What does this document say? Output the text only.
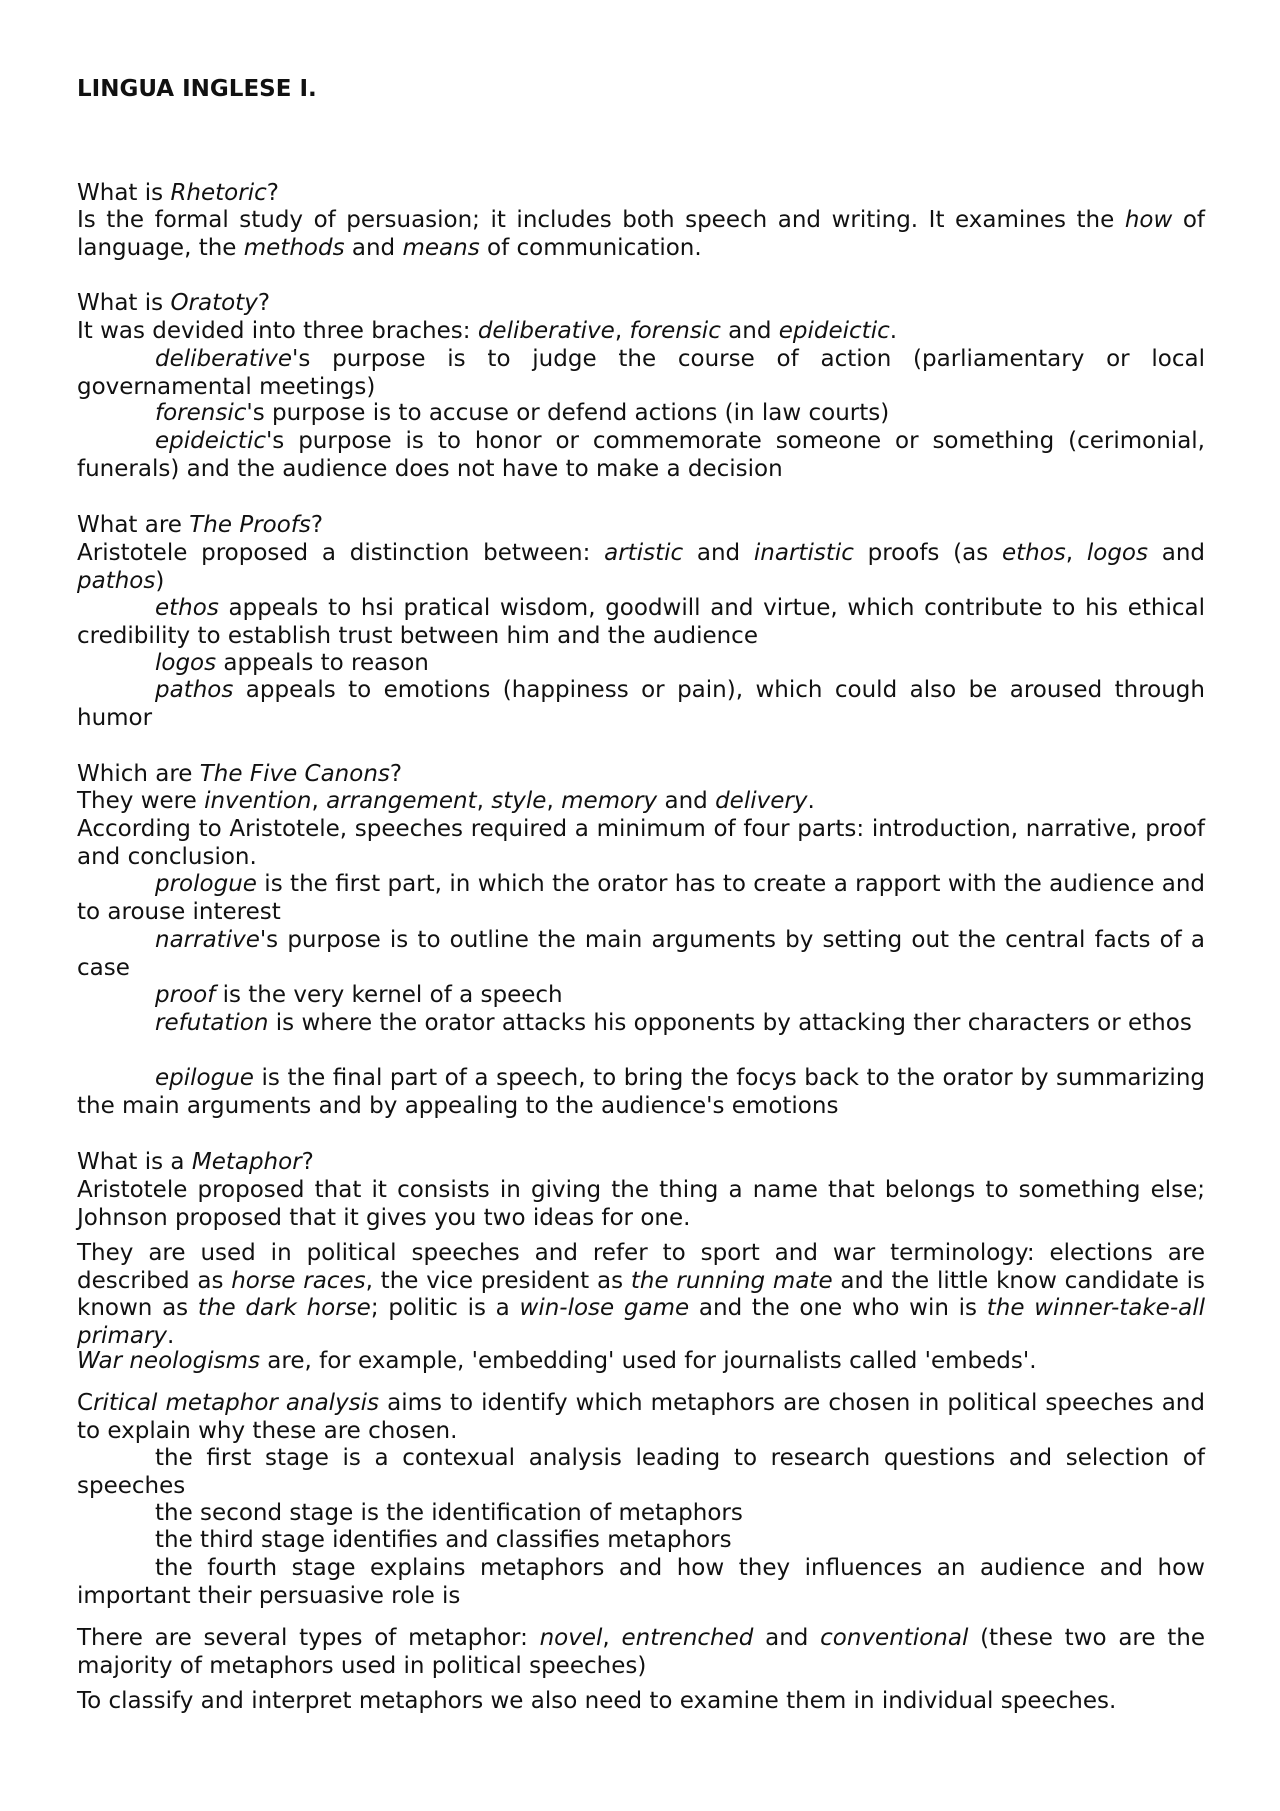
LINGUA INGLESE I.

What is Rhetoric?

Is the formal study of persuasion; it includes both speech and writing. It examines the how of language, the methods and means of communication.

What is Oratoty?

It was devided into three braches: deliberative, forensic and epideictic.

deliberative's purpose is to judge the course of action (parliamentary or local governamental meetings)

forensic's purpose is to accuse or defend actions (in law courts)

epideictic's purpose is to honor or commemorate someone or something (cerimonial, funerals) and the audience does not have to make a decision

What are The Proofs?

Aristotele proposed a distinction between: artistic and inartistic proofs (as ethos, logos and pathos)

ethos appeals to hsi pratical wisdom, goodwill and virtue, which contribute to his ethical credibility to establish trust between him and the audience

logos appeals to reason

pathos appeals to emotions (happiness or pain), which could also be aroused through humor

Which are The Five Canons?

They were invention, arrangement, style, memory and delivery.

According to Aristotele, speeches required a minimum of four parts: introduction, narrative, proof and conclusion.

prologue is the first part, in which the orator has to create a rapport with the audience and to arouse interest

narrative's purpose is to outline the main arguments by setting out the central facts of a case

proof is the very kernel of a speech

refutation is where the orator attacks his opponents by attacking ther characters or ethos

epilogue is the final part of a speech, to bring the focys back to the orator by summarizing the main arguments and by appealing to the audience's emotions

What is a Metaphor?

Aristotele proposed that it consists in giving the thing a name that belongs to something else; Johnson proposed that it gives you two ideas for one.

They are used in political speeches and refer to sport and war terminology: elections are described as horse races, the vice president as the running mate and the little know candidate is known as the dark horse; politic is a win-lose game and the one who win is the winner-take-all primary.

War neologisms are, for example, 'embedding' used for journalists called 'embeds'.

Critical metaphor analysis aims to identify which metaphors are chosen in political speeches and to explain why these are chosen.

the first stage is a contexual analysis leading to research questions and selection of speeches

the second stage is the identification of metaphors

the third stage identifies and classifies metaphors

the fourth stage explains metaphors and how they influences an audience and how important their persuasive role is

There are several types of metaphor: novel, entrenched and conventional (these two are the majority of metaphors used in political speeches)

To classify and interpret metaphors we also need to examine them in individual speeches.
